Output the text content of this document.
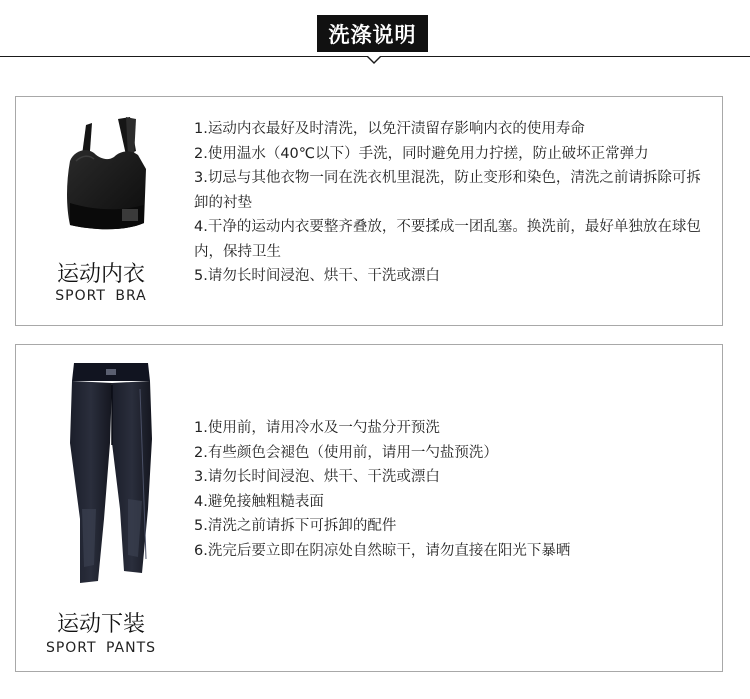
洗涤说明
运动内衣
SPORT BRA
1.运动内衣最好及时清洗，以免汗渍留存影响内衣的使用寿命
2.使用温水（40℃以下）手洗，同时避免用力拧搓，防止破坏正常弹力
3.切忌与其他衣物一同在洗衣机里混洗，防止变形和染色，清洗之前请拆除可拆卸的衬垫
4.干净的运动内衣要整齐叠放，不要揉成一团乱塞。换洗前，最好单独放在球包内，保持卫生
5.请勿长时间浸泡、烘干、干洗或漂白
运动下装
SPORT PANTS
1.使用前，请用冷水及一勺盐分开预洗
2.有些颜色会褪色（使用前，请用一勺盐预洗）
3.请勿长时间浸泡、烘干、干洗或漂白
4.避免接触粗糙表面
5.清洗之前请拆下可拆卸的配件
6.洗完后要立即在阴凉处自然晾干，请勿直接在阳光下暴晒
